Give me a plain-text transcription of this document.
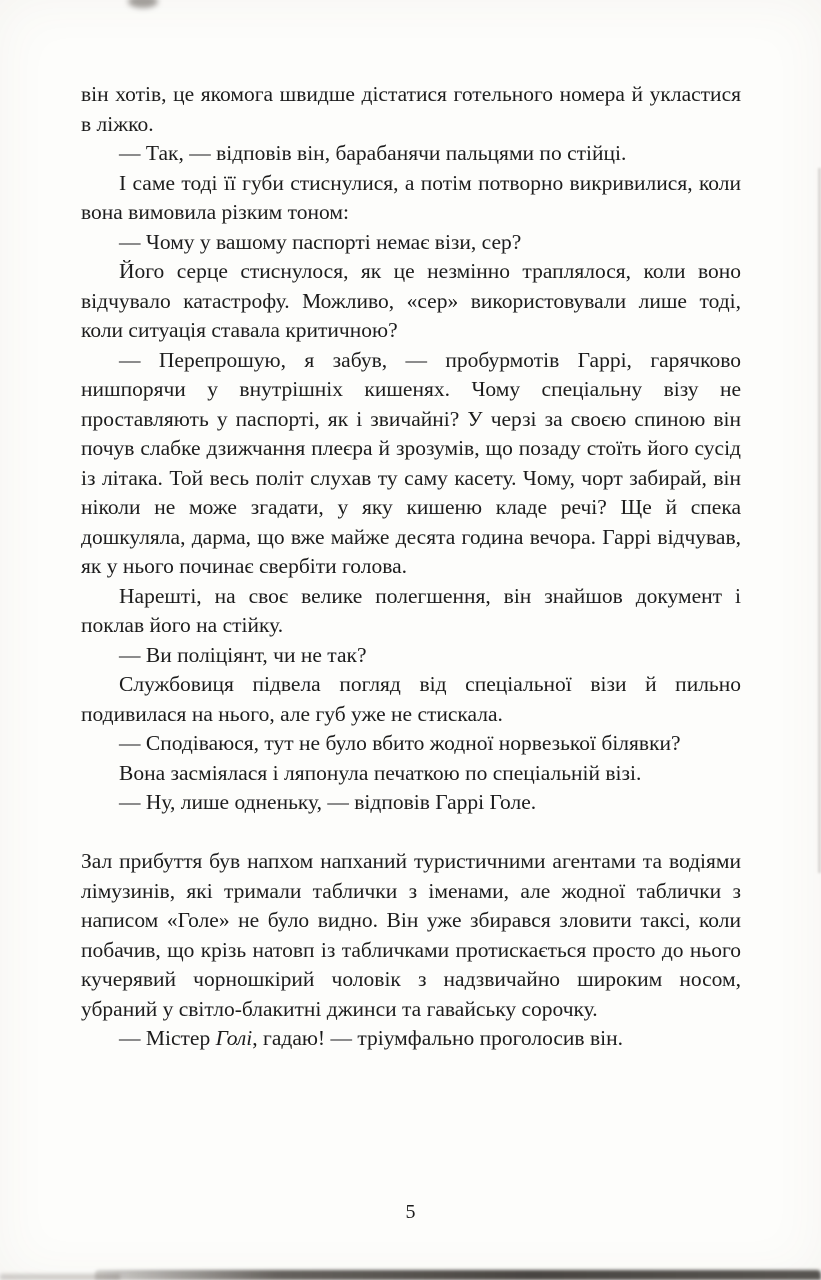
він хотів, це якомога швидше дістатися готельного номера й укластися в ліжко.

— Так, — відповів він, барабанячи пальцями по стійці.

І саме тоді її губи стиснулися, а потім потворно викривилися, коли вона вимовила різким тоном:

— Чому у вашому паспорті немає візи, сер?

Його серце стиснулося, як це незмінно траплялося, коли воно відчувало катастрофу. Можливо, «сер» використовували лише тоді, коли ситуація ставала критичною?

— Перепрошую, я забув, — пробурмотів Гаррі, гарячково нишпорячи у внутрішніх кишенях. Чому спеціальну візу не проставляють у паспорті, як і звичайні? У черзі за своєю спиною він почув слабке дзижчання плеєра й зрозумів, що позаду стоїть його сусід із літака. Той весь політ слухав ту саму касету. Чому, чорт забирай, він ніколи не може згадати, у яку кишеню кладе речі? Ще й спека дошкуляла, дарма, що вже майже десята година вечора. Гаррі відчував, як у нього починає свербіти голова.

Нарешті, на своє велике полегшення, він знайшов документ і поклав його на стійку.

— Ви поліціянт, чи не так?

Службовиця підвела погляд від спеціальної візи й пильно подивилася на нього, але губ уже не стискала.

— Сподіваюся, тут не було вбито жодної норвезької білявки?

Вона засміялася і ляпонула печаткою по спеціальній візі.

— Ну, лише одненьку, — відповів Гаррі Голе.

Зал прибуття був напхом напханий туристичними агентами та водіями лімузинів, які тримали таблички з іменами, але жодної таблички з написом «Голе» не було видно. Він уже збирався зловити таксі, коли побачив, що крізь натовп із табличками протискається просто до нього кучерявий чорношкірий чоловік з надзвичайно широким носом, убраний у світло-блакитні джинси та гавайську сорочку.

— Містер Голі, гадаю! — тріумфально проголосив він.

5
